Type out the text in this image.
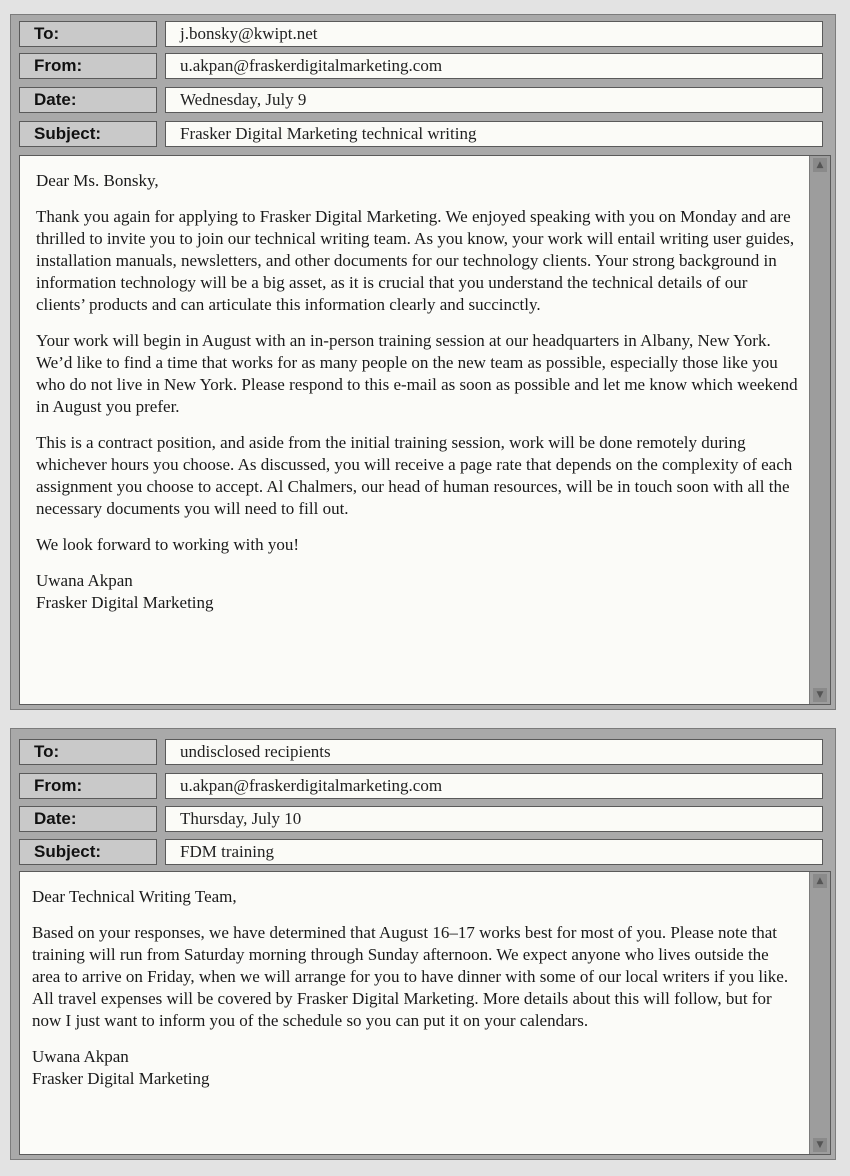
To:	j.bonsky@kwipt.net
From:	u.akpan@fraskerdigitalmarketing.com
Date:	Wednesday, July 9
Subject:	Frasker Digital Marketing technical writing

Dear Ms. Bonsky,

Thank you again for applying to Frasker Digital Marketing. We enjoyed speaking with you on Monday and are thrilled to invite you to join our technical writing team. As you know, your work will entail writing user guides, installation manuals, newsletters, and other documents for our technology clients. Your strong background in information technology will be a big asset, as it is crucial that you understand the technical details of our clients’ products and can articulate this information clearly and succinctly.

Your work will begin in August with an in-person training session at our headquarters in Albany, New York. We’d like to find a time that works for as many people on the new team as possible, especially those like you who do not live in New York. Please respond to this e-mail as soon as possible and let me know which weekend in August you prefer.

This is a contract position, and aside from the initial training session, work will be done remotely during whichever hours you choose. As discussed, you will receive a page rate that depends on the complexity of each assignment you choose to accept. Al Chalmers, our head of human resources, will be in touch soon with all the necessary documents you will need to fill out.

We look forward to working with you!

Uwana Akpan

Frasker Digital Marketing

▲
▼
To:	undisclosed recipients
From:	u.akpan@fraskerdigitalmarketing.com
Date:	Thursday, July 10
Subject:	FDM training

Dear Technical Writing Team,

Based on your responses, we have determined that August 16–17 works best for most of you. Please note that training will run from Saturday morning through Sunday afternoon. We expect anyone who lives outside the area to arrive on Friday, when we will arrange for you to have dinner with some of our local writers if you like. All travel expenses will be covered by Frasker Digital Marketing. More details about this will follow, but for now I just want to inform you of the schedule so you can put it on your calendars.

Uwana Akpan

Frasker Digital Marketing

▲
▼
